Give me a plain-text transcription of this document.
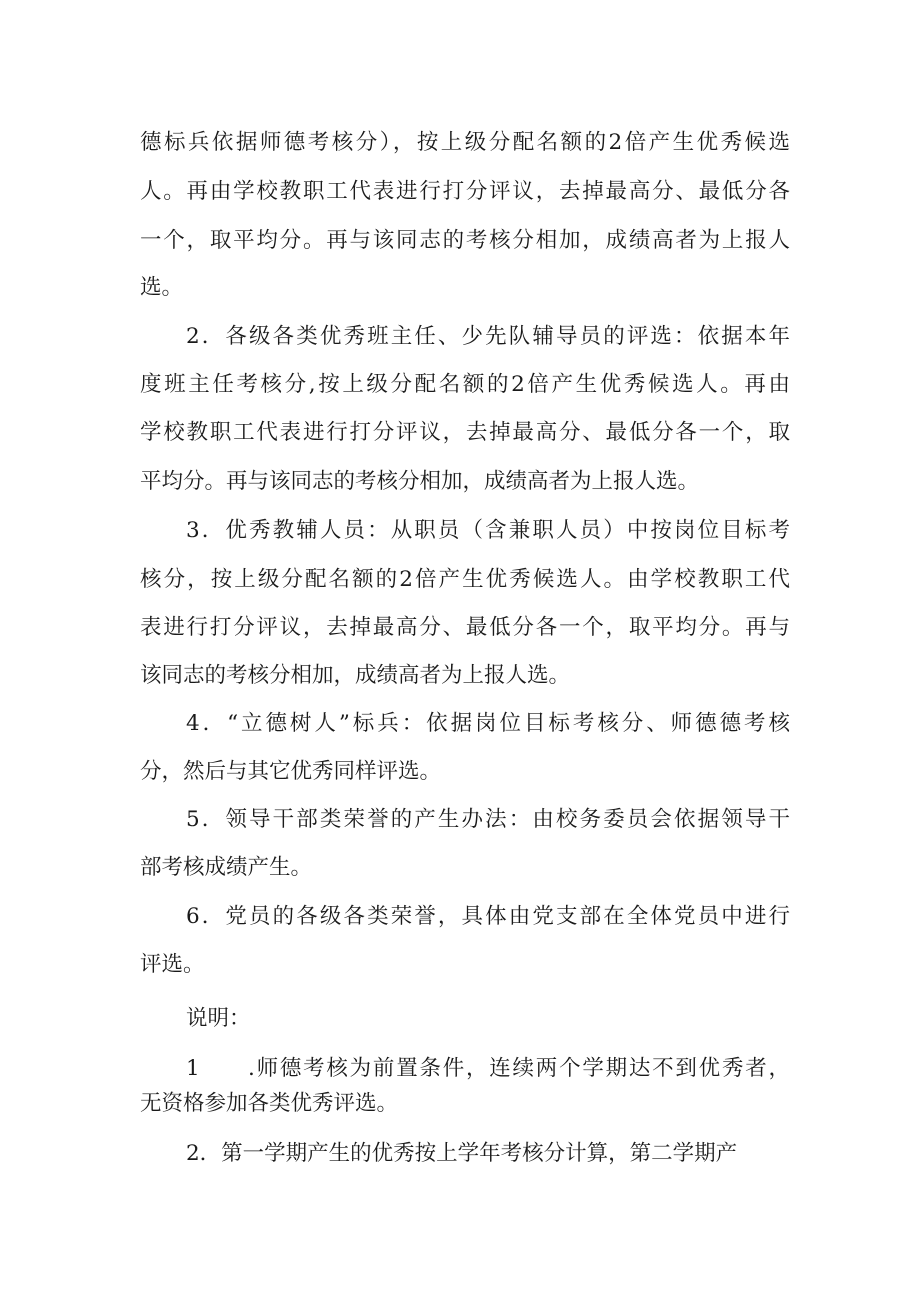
德标兵依据师德考核分），按上级分配名额的2倍产生优秀候选
人。再由学校教职工代表进行打分评议，去掉最高分、最低分各
一个，取平均分。再与该同志的考核分相加，成绩高者为上报人
选。
2．各级各类优秀班主任、少先队辅导员的评选：依据本年
度班主任考核分,按上级分配名额的2倍产生优秀候选人。再由
学校教职工代表进行打分评议，去掉最高分、最低分各一个，取
平均分。再与该同志的考核分相加，成绩高者为上报人选。
3．优秀教辅人员：从职员（含兼职人员）中按岗位目标考
核分，按上级分配名额的2倍产生优秀候选人。由学校教职工代
表进行打分评议，去掉最高分、最低分各一个，取平均分。再与
该同志的考核分相加，成绩高者为上报人选。
4．“立德树人”标兵：依据岗位目标考核分、师德德考核
分，然后与其它优秀同样评选。
5．领导干部类荣誉的产生办法：由校务委员会依据领导干
部考核成绩产生。
6．党员的各级各类荣誉，具体由党支部在全体党员中进行
评选。
说明：
1　　.师德考核为前置条件，连续两个学期达不到优秀者，
无资格参加各类优秀评选。
2．第一学期产生的优秀按上学年考核分计算，第二学期产
